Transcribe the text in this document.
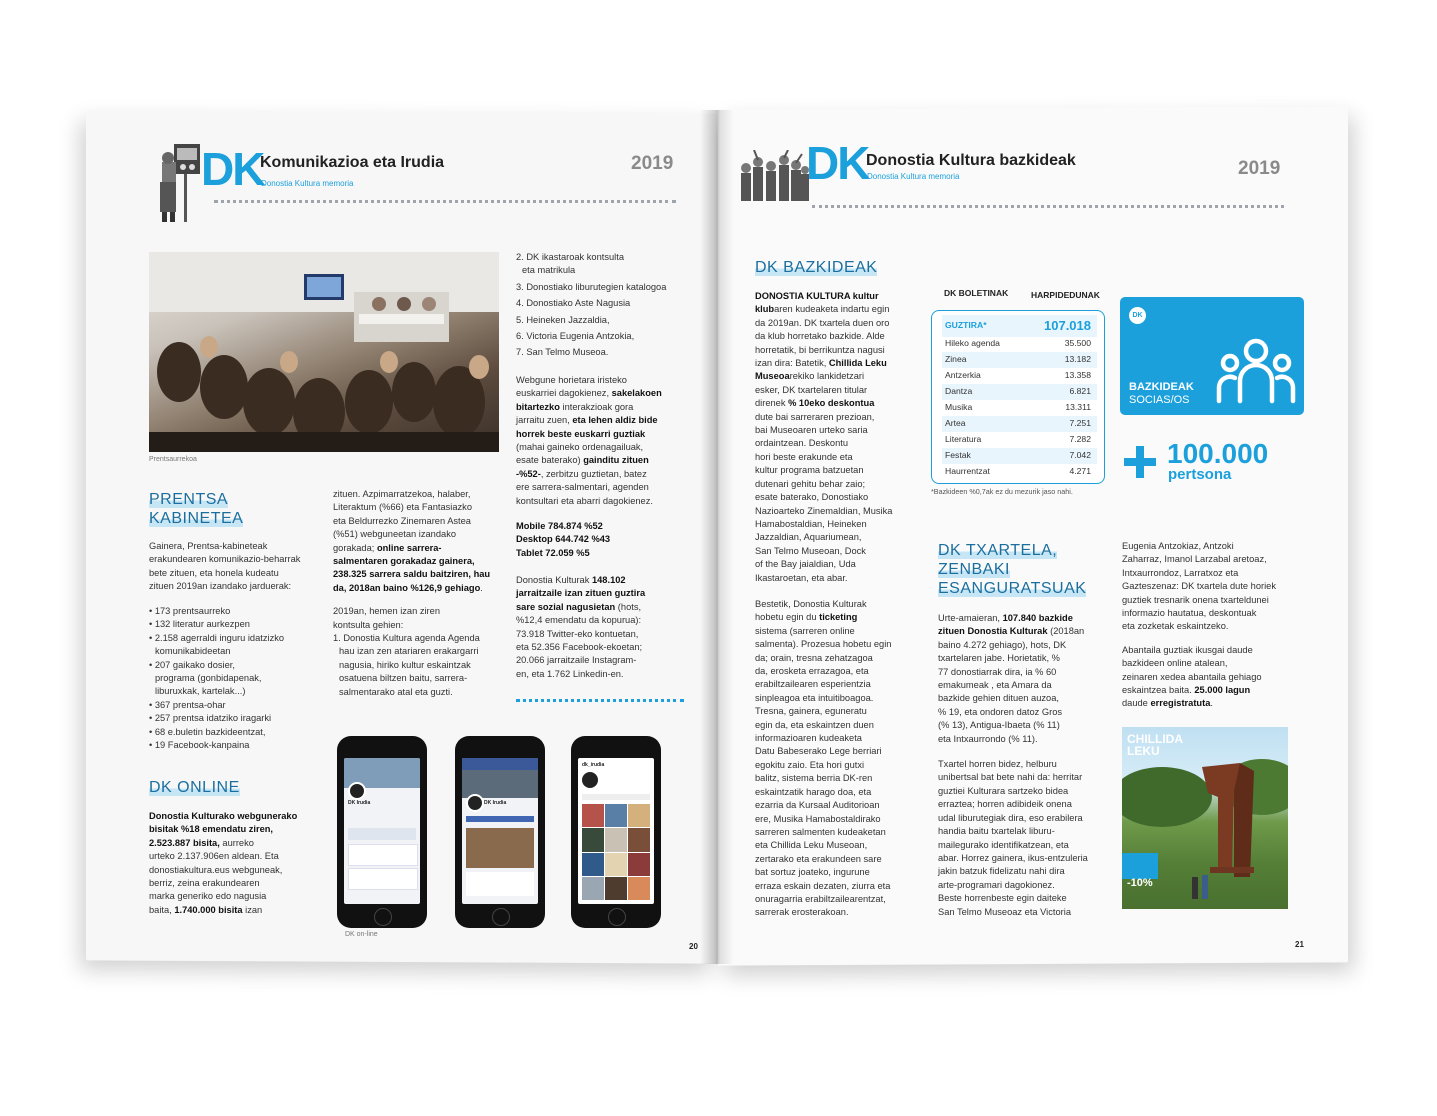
DK
Komunikazioa eta Irudia
Donostia Kultura memoria
2019
Prentsaurrekoa
2. DK ikastaroak kontsulta
eta matrikula
3. Donostiako liburutegien katalogoa
4. Donostiako Aste Nagusia
5. Heineken Jazzaldia,
6. Victoria Eugenia Antzokia,
7. San Telmo Museoa.
Webgune horietara iristeko
euskarriei dagokienez, sakelakoen
bitartezko interakzioak gora
jarraitu zuen, eta lehen aldiz bide
horrek beste euskarri guztiak
(mahai gaineko ordenagailuak,
esate baterako) gainditu zituen
-%52-, zerbitzu guztietan, batez
ere sarrera-salmentari, agenden
kontsultari eta abarri dagokienez.
Mobile 784.874 %52
Desktop 644.742 %43
Tablet 72.059 %5
Donostia Kulturak 148.102
jarraitzaile izan zituen guztira
sare sozial nagusietan (hots,
%12,4 emendatu da kopurua):
73.918 Twitter-eko kontuetan,
eta 52.356 Facebook-ekoetan;
20.066 jarraitzaile Instagram-
en, eta 1.762 Linkedin-en.
PRENTSA
KABINETEA
Gainera, Prentsa-kabineteak
erakundearen komunikazio-beharrak
bete zituen, eta honela kudeatu
zituen 2019an izandako jarduerak:
• 173 prentsaurreko
• 132 literatur aurkezpen
• 2.158 agerraldi inguru idatzizko
komunikabideetan
• 207 gaikako dosier,
programa (gonbidapenak,
liburuxkak, kartelak...)
• 367 prentsa-ohar
• 257 prentsa idatziko iragarki
• 68 e.buletin bazkideentzat,
• 19 Facebook-kanpaina
zituen. Azpimarratzekoa, halaber,
Literaktum (%66) eta Fantasiazko
eta Beldurrezko Zinemaren Astea
(%51) webguneetan izandako
gorakada; online sarrera-
salmentaren gorakadaz gainera,
238.325 sarrera saldu baitziren, hau
da, 2018an baino %126,9 gehiago.
2019an, hemen izan ziren
kontsulta gehien:
1. Donostia Kultura agenda Agenda
hau izan zen atariaren erakargarri
nagusia, hiriko kultur eskaintzak
osatuena biltzen baitu, sarrera-
salmentarako atal eta guzti.
DK ONLINE
Donostia Kulturako webgunerako
bisitak %18 emendatu ziren,
2.523.887 bisita, aurreko
urteko 2.137.906en aldean. Eta
donostiakultura.eus webguneak,
berriz, zeina erakundearen
marka generiko edo nagusia
baita, 1.740.000 bisita izan
DK Irudia	DK Irudia
dk_irudia
DK on-line
20
DK
Donostia Kultura bazkideak
Donostia Kultura memoria	2019
DK BAZKIDEAK
DONOSTIA KULTURA kultur
klubaren kudeaketa indartu egin
da 2019an. DK txartela duen oro
da klub horretako bazkide. Alde
horretatik, bi berrikuntza nagusi
izan dira: Batetik, Chillida Leku
Museoarekiko lankidetzari
esker, DK txartelaren titular
direnek % 10eko deskontua
dute bai sarreraren prezioan,
bai Museoaren urteko saria
ordaintzean. Deskontu
hori beste erakunde eta
kultur programa batzuetan
dutenari gehitu behar zaio;
esate baterako, Donostiako
Nazioarteko Zinemaldian, Musika
Hamabostaldian, Heineken
Jazzaldian, Aquariumean,
San Telmo Museoan, Dock
of the Bay jaialdian, Uda
Ikastaroetan, eta abar.
Bestetik, Donostia Kulturak
hobetu egin du ticketing
sistema (sarreren online
salmenta). Prozesua hobetu egin
da; orain, tresna zehatzagoa
da, erosketa errazagoa, eta
erabiltzailearen esperientzia
sinpleagoa eta intuitiboagoa.
Tresna, gainera, eguneratu
egin da, eta eskaintzen duen
informazioaren kudeaketa
Datu Babeserako Lege berriari
egokitu zaio. Eta hori gutxi
balitz, sistema berria DK-ren
eskaintzatik harago doa, eta
ezarria da Kursaal Auditorioan
ere, Musika Hamabostaldirako
sarreren salmenten kudeaketan
eta Chillida Leku Museoan,
zertarako eta erakundeen sare
bat sortuz joateko, ingurune
erraza eskain dezaten, ziurra eta
onuragarria erabiltzailearentzat,
sarrerak erosterakoan.
DK BOLETINAK	HARPIDEDUNAK
GUZTIRA*	107.018
Hileko agenda	35.500
Zinea	13.182
Antzerkia	13.358
Dantza	6.821
Musika	13.311
Artea	7.251
Literatura	7.282
Festak	7.042
Haurrentzat	4.271
*Bazkideen %0,7ak ez du mezurik jaso nahi.
DK
BAZKIDEAK
SOCIAS/OS
100.000
pertsona
DK TXARTELA,
ZENBAKI
ESANGURATSUAK
Urte-amaieran, 107.840 bazkide
zituen Donostia Kulturak (2018an
baino 4.272 gehiago), hots, DK
txartelaren jabe. Horietatik, %
77 donostiarrak dira, ia % 60
emakumeak , eta Amara da
bazkide gehien dituen auzoa,
% 19, eta ondoren datoz Gros
(% 13), Antigua-Ibaeta (% 11)
eta Intxaurrondo (% 11).
Txartel horren bidez, helburu
unibertsal bat bete nahi da: herritar
guztiei Kulturara sartzeko bidea
erraztea; horren adibideik onena
udal liburutegiak dira, eso erabilera
handia baitu txartelak liburu-
mailegurako identifikatzean, eta
abar. Horrez gainera, ikus-entzuleria
jakin batzuk fidelizatu nahi dira
arte-programari dagokionez.
Beste horrenbeste egin daiteke
San Telmo Museoaz eta Victoria
Eugenia Antzokiaz, Antzoki
Zaharraz, Imanol Larzabal aretoaz,
Intxaurrondoz, Larratxoz eta
Gazteszenaz: DK txartela dute horiek
guztiek tresnarik onena txarteldunei
informazio hautatua, deskontuak
eta zozketak eskaintzeko.
Abantaila guztiak ikusgai daude
bazkideen online atalean,
zeinaren xedea abantaila gehiago
eskaintzea baita. 25.000 lagun
daude erregistratuta.
CHILLIDA
LEKU
-10%
21
